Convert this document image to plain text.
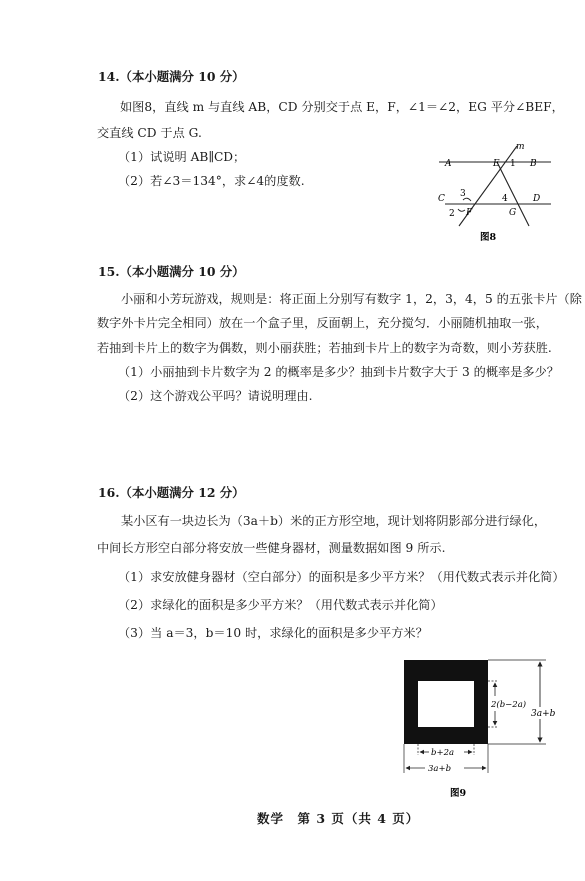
14.（本小题满分 10 分）
如图8，直线 m 与直线 AB，CD 分别交于点 E，F，∠1＝∠2，EG 平分∠BEF，
交直线 CD 于点 G.
（1）试说明 AB∥CD；
（2）若∠3＝134°，求∠4的度数.
m
A	E 1 B
C 3	4	D
2 F	G
图8
15.（本小题满分 10 分）
小丽和小芳玩游戏，规则是：将正面上分别写有数字 1，2，3，4，5 的五张卡片（除
数字外卡片完全相同）放在一个盒子里，反面朝上，充分搅匀．小丽随机抽取一张，
若抽到卡片上的数字为偶数，则小丽获胜；若抽到卡片上的数字为奇数，则小芳获胜.
（1）小丽抽到卡片数字为 2 的概率是多少？抽到卡片数字大于 3 的概率是多少？
（2）这个游戏公平吗？请说明理由.
16.（本小题满分 12 分）
某小区有一块边长为（3a＋b）米的正方形空地，现计划将阴影部分进行绿化，
中间长方形空白部分将安放一些健身器材，测量数据如图 9 所示.
（1）求安放健身器材（空白部分）的面积是多少平方米？（用代数式表示并化简）
（2）求绿化的面积是多少平方米？（用代数式表示并化简）
（3）当 a＝3，b＝10 时，求绿化的面积是多少平方米？
3a+b
2(b−2a)
b+2a
3a+b
图9
数学　第 3 页（共 4 页）
